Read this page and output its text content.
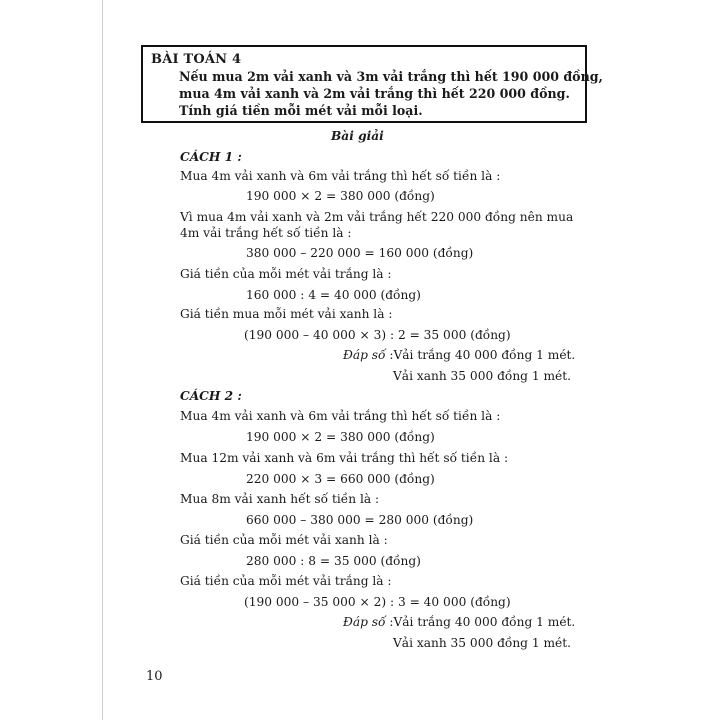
BÀI TOÁN 4
Nếu mua 2m vải xanh và 3m vải trắng thì hết 190 000 đồng,
mua 4m vải xanh và 2m vải trắng thì hết 220 000 đồng.
Tính giá tiền mỗi mét vải mỗi loại.
Bài giải
CÁCH 1 :
Mua 4m vải xanh và 6m vải trắng thì hết số tiền là :
190 000 × 2 = 380 000 (đồng)
Vì mua 4m vải xanh và 2m vải trắng hết 220 000 đồng nên mua
4m vải trắng hết số tiền là :
380 000 – 220 000 = 160 000 (đồng)
Giá tiền của mỗi mét vải trắng là :
160 000 : 4 = 40 000 (đồng)
Giá tiền mua mỗi mét vải xanh là :
(190 000 – 40 000 × 3) : 2 = 35 000 (đồng)
Đáp số :Vải trắng 40 000 đồng 1 mét.
Vải xanh 35 000 đồng 1 mét.
CÁCH 2 :
Mua 4m vải xanh và 6m vải trắng thì hết số tiền là :
190 000 × 2 = 380 000 (đồng)
Mua 12m vải xanh và 6m vải trắng thì hết số tiền là :
220 000 × 3 = 660 000 (đồng)
Mua 8m vải xanh hết số tiền là :
660 000 – 380 000 = 280 000 (đồng)
Giá tiền của mỗi mét vải xanh là :
280 000 : 8 = 35 000 (đồng)
Giá tiền của mỗi mét vải trắng là :
(190 000 – 35 000 × 2) : 3 = 40 000 (đồng)
Đáp số :Vải trắng 40 000 đồng 1 mét.
Vải xanh 35 000 đồng 1 mét.
10
